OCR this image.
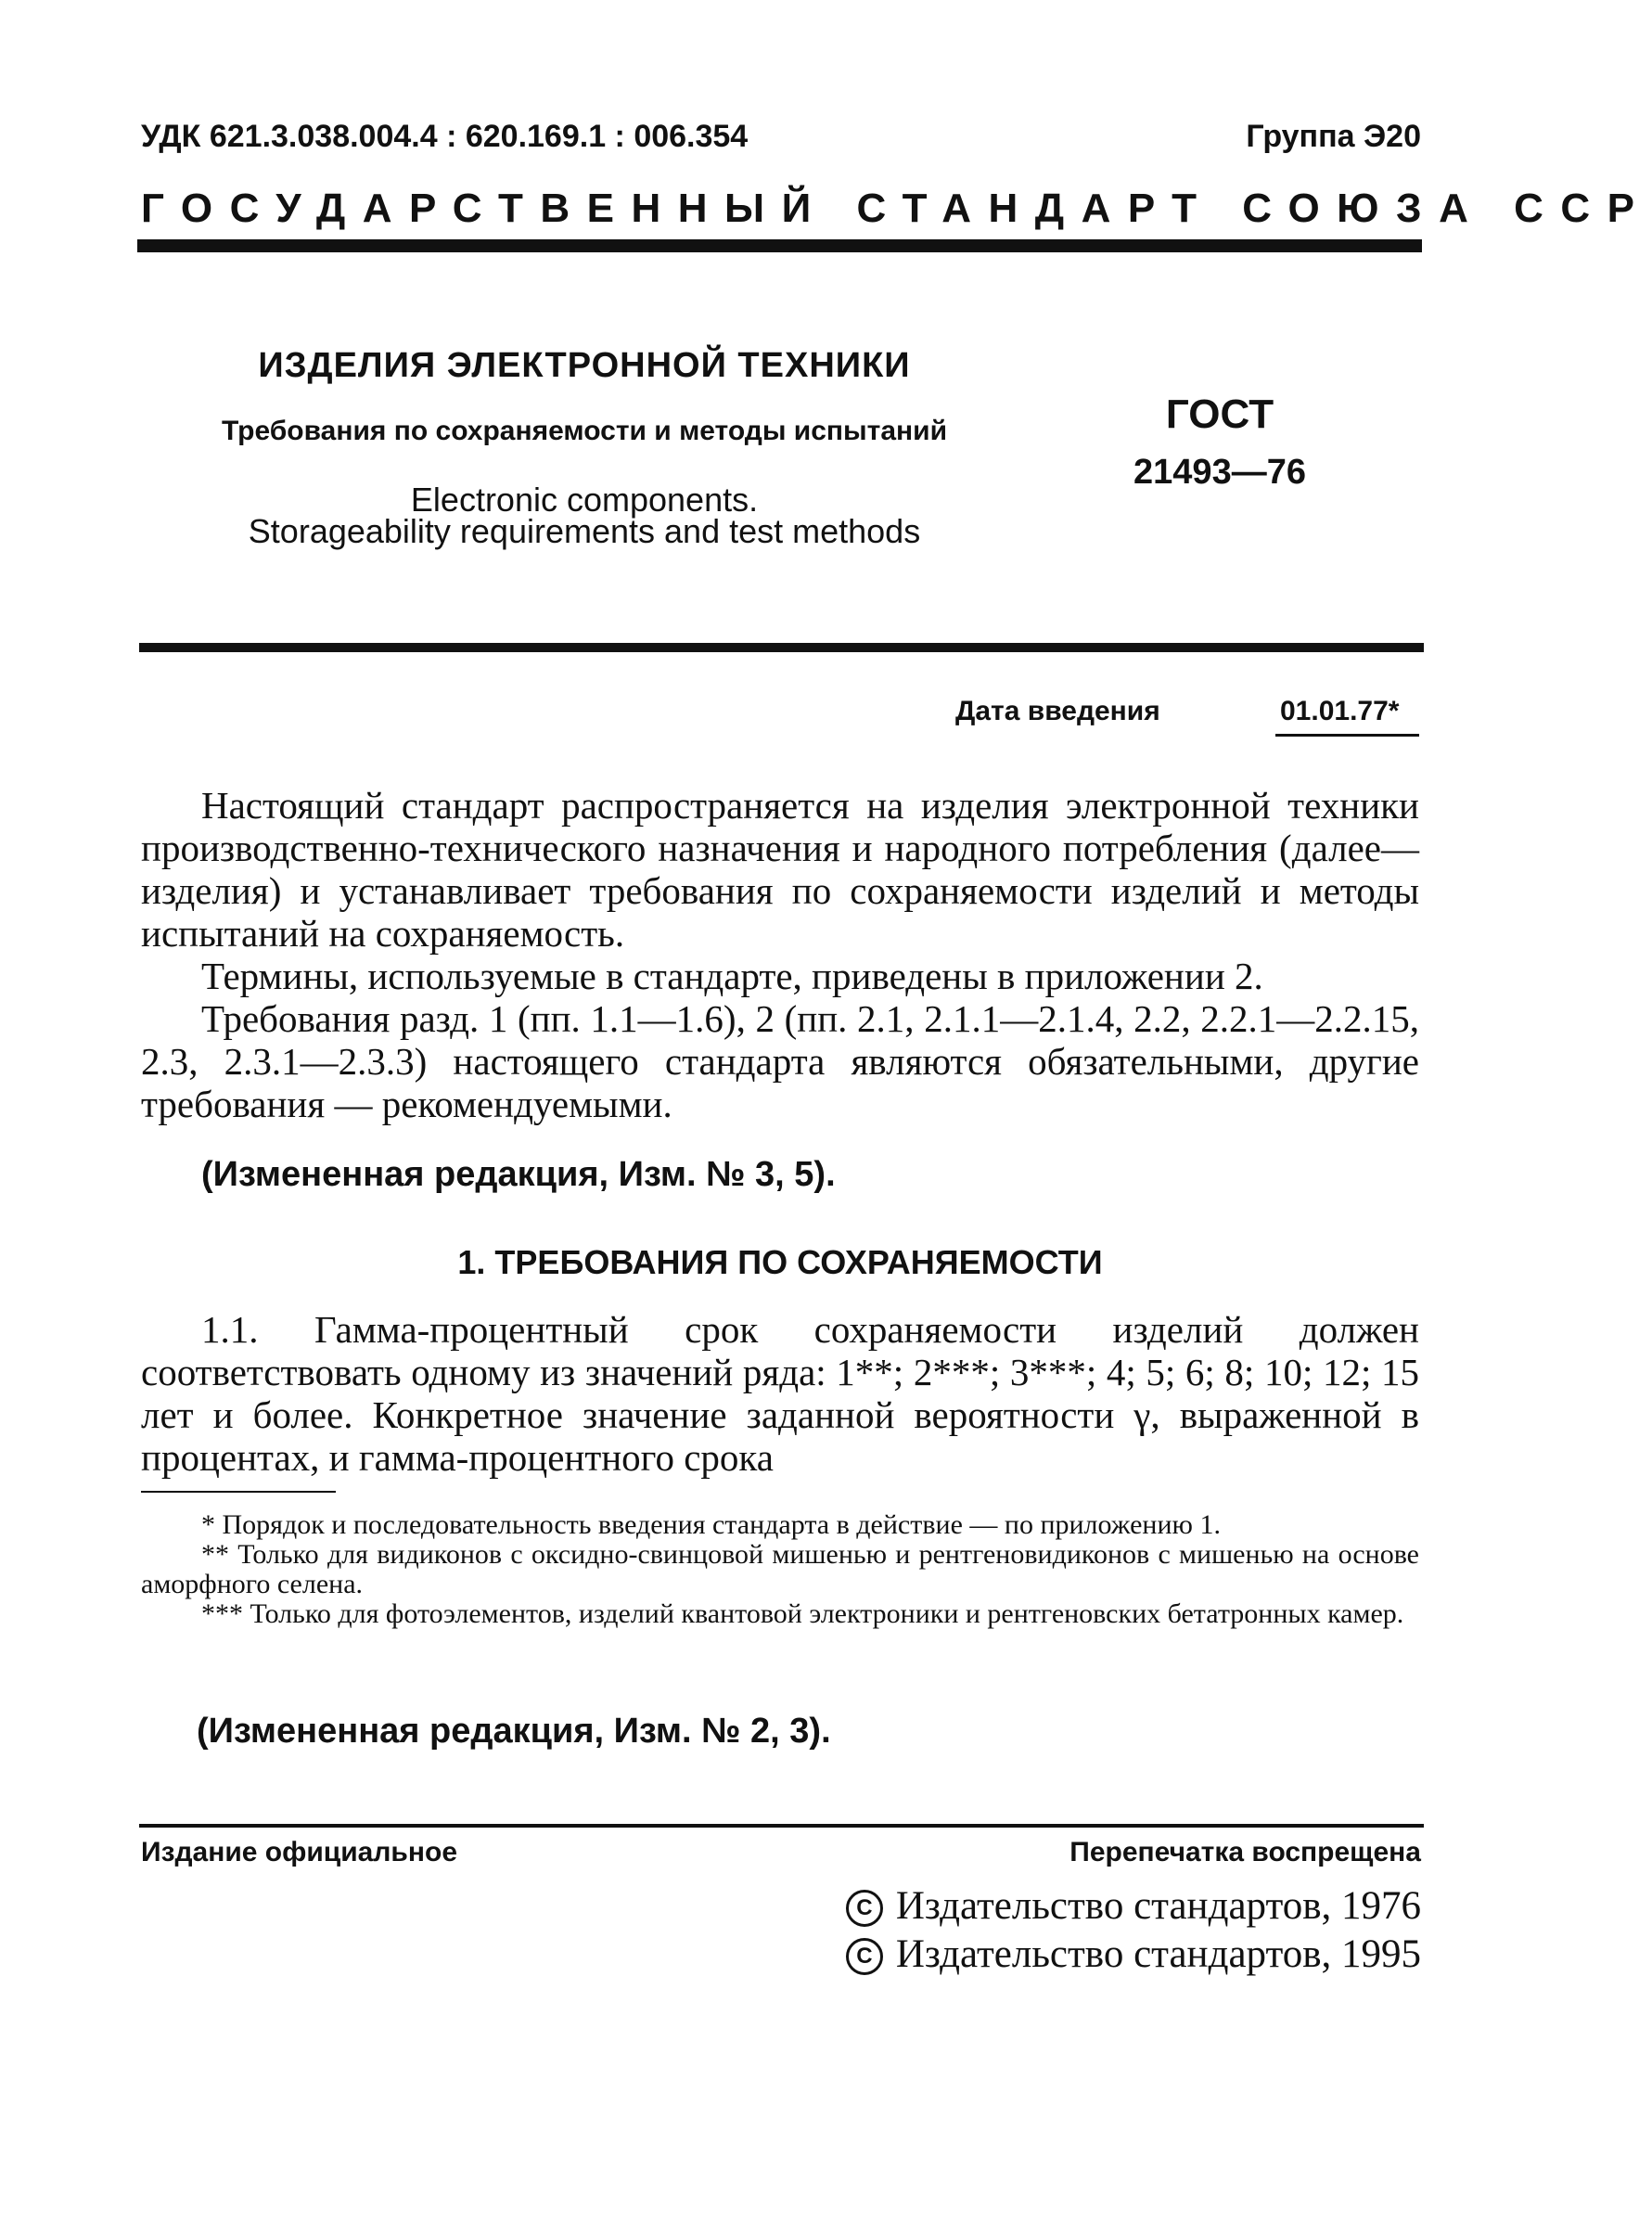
УДК 621.3.038.004.4 : 620.169.1 : 006.354	Группа Э20
ГОСУДАРСТВЕННЫЙ СТАНДАРТ СОЮЗА ССР
ИЗДЕЛИЯ ЭЛЕКТРОННОЙ ТЕХНИКИ
Требования по сохраняемости и методы испытаний
Electronic components.
Storageability requirements and test methods
ГОСТ
21493—76
Дата введения	01.01.77*

Настоящий стандарт распространяется на изделия электронной техники производственно-технического назначения и народного потребления (далее—изделия) и устанавливает требования по сохраняемости изделий и методы испытаний на сохраняемость.

Термины, используемые в стандарте, приведены в приложении 2.

Требования разд. 1 (пп. 1.1—1.6), 2 (пп. 2.1, 2.1.1—2.1.4, 2.2, 2.2.1—2.2.15, 2.3, 2.3.1—2.3.3) настоящего стандарта являются обязательными, другие требования — рекомендуемыми.

(Измененная редакция, Изм. № 3, 5).
1. ТРЕБОВАНИЯ ПО СОХРАНЯЕМОСТИ

1.1. Гамма-процентный срок сохраняемости изделий должен соответствовать одному из значений ряда: 1**; 2***; 3***; 4; 5; 6; 8; 10; 12; 15 лет и более. Конкретное значение заданной вероятности γ, выраженной в процентах, и гамма-процентного срока

* Порядок и последовательность введения стандарта в действие — по приложению 1.

** Только для видиконов с оксидно-свинцовой мишенью и рентгеновидиконов с мишенью на основе аморфного селена.

*** Только для фотоэлементов, изделий квантовой электроники и рентгеновских бетатронных камер.

(Измененная редакция, Изм. № 2, 3).
Издание официальное	Перепечатка воспрещена
C Издательство стандартов, 1976
C Издательство стандартов, 1995
